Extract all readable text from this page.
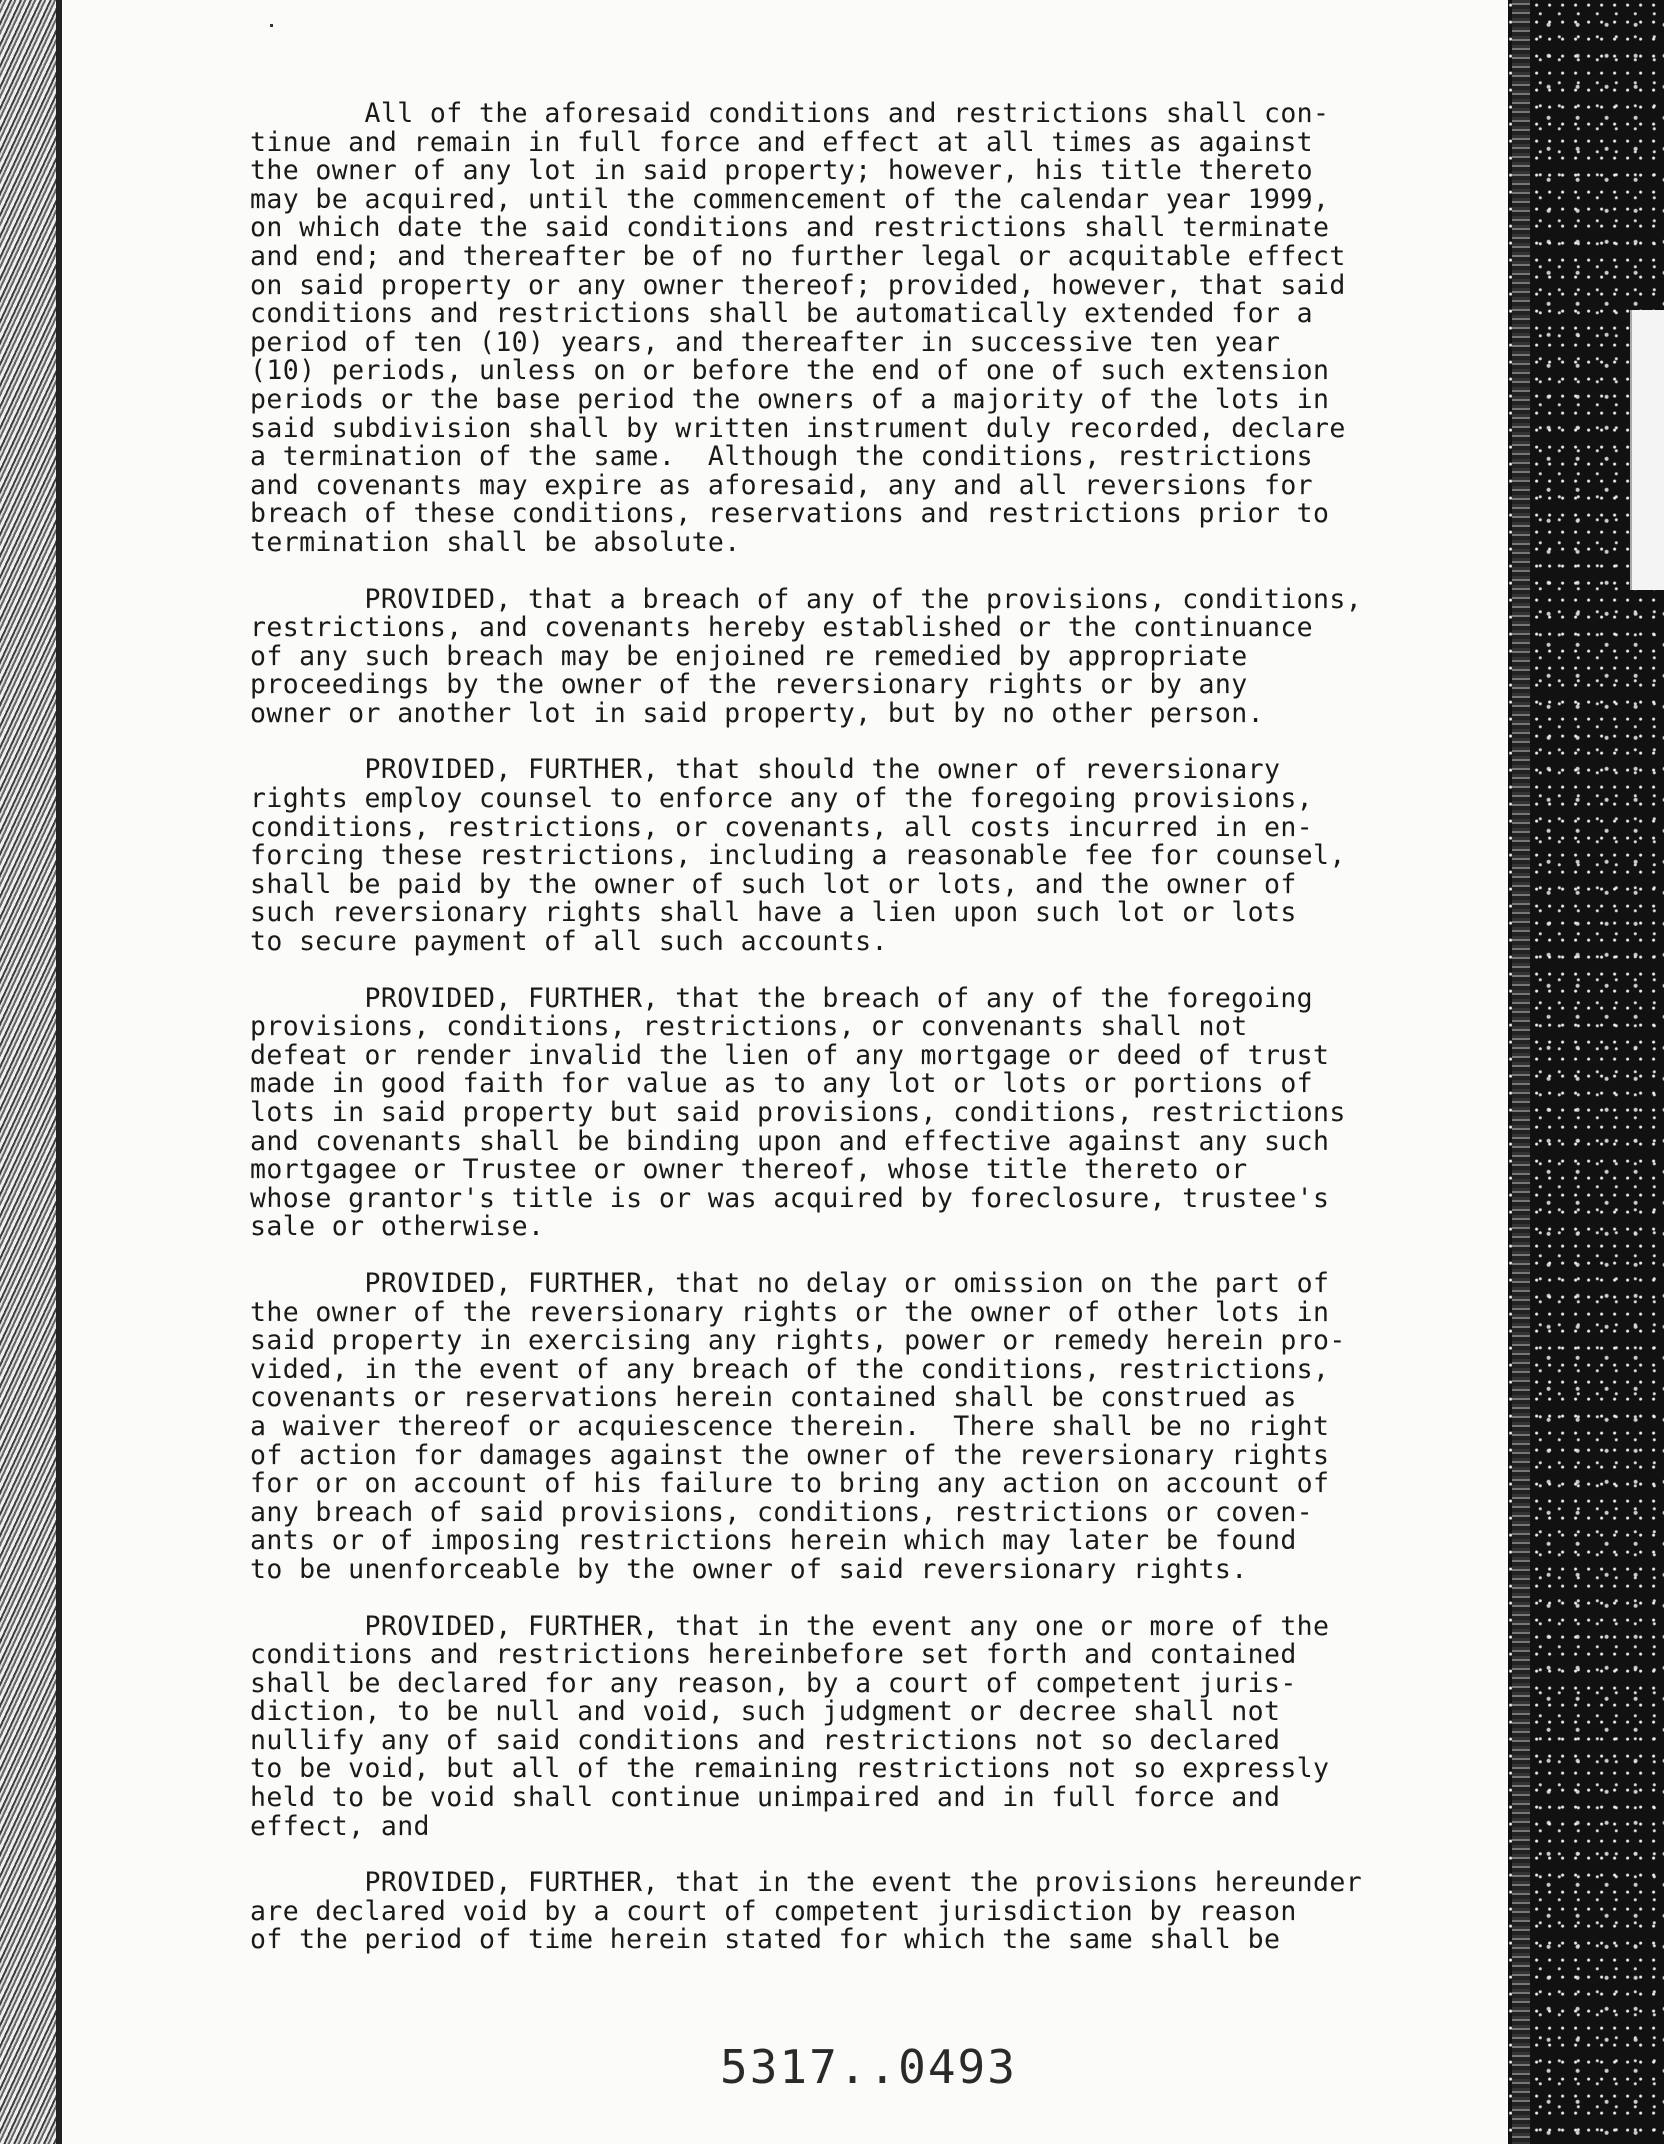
All of the aforesaid conditions and restrictions shall con-
tinue and remain in full force and effect at all times as against
the owner of any lot in said property; however, his title thereto
may be acquired, until the commencement of the calendar year 1999,
on which date the said conditions and restrictions shall terminate
and end; and thereafter be of no further legal or acquitable effect
on said property or any owner thereof; provided, however, that said
conditions and restrictions shall be automatically extended for a
period of ten (10) years, and thereafter in successive ten year
(10) periods, unless on or before the end of one of such extension
periods or the base period the owners of a majority of the lots in
said subdivision shall by written instrument duly recorded, declare
a termination of the same.  Although the conditions, restrictions
and covenants may expire as aforesaid, any and all reversions for
breach of these conditions, reservations and restrictions prior to
termination shall be absolute.
PROVIDED, that a breach of any of the provisions, conditions,
restrictions, and covenants hereby established or the continuance
of any such breach may be enjoined re remedied by appropriate
proceedings by the owner of the reversionary rights or by any
owner or another lot in said property, but by no other person.
PROVIDED, FURTHER, that should the owner of reversionary
rights employ counsel to enforce any of the foregoing provisions,
conditions, restrictions, or covenants, all costs incurred in en-
forcing these restrictions, including a reasonable fee for counsel,
shall be paid by the owner of such lot or lots, and the owner of
such reversionary rights shall have a lien upon such lot or lots
to secure payment of all such accounts.
PROVIDED, FURTHER, that the breach of any of the foregoing
provisions, conditions, restrictions, or convenants shall not
defeat or render invalid the lien of any mortgage or deed of trust
made in good faith for value as to any lot or lots or portions of
lots in said property but said provisions, conditions, restrictions
and covenants shall be binding upon and effective against any such
mortgagee or Trustee or owner thereof, whose title thereto or
whose grantor's title is or was acquired by foreclosure, trustee's
sale or otherwise.
PROVIDED, FURTHER, that no delay or omission on the part of
the owner of the reversionary rights or the owner of other lots in
said property in exercising any rights, power or remedy herein pro-
vided, in the event of any breach of the conditions, restrictions,
covenants or reservations herein contained shall be construed as
a waiver thereof or acquiescence therein.  There shall be no right
of action for damages against the owner of the reversionary rights
for or on account of his failure to bring any action on account of
any breach of said provisions, conditions, restrictions or coven-
ants or of imposing restrictions herein which may later be found
to be unenforceable by the owner of said reversionary rights.
PROVIDED, FURTHER, that in the event any one or more of the
conditions and restrictions hereinbefore set forth and contained
shall be declared for any reason, by a court of competent juris-
diction, to be null and void, such judgment or decree shall not
nullify any of said conditions and restrictions not so declared
to be void, but all of the remaining restrictions not so expressly
held to be void shall continue unimpaired and in full force and
effect, and
PROVIDED, FURTHER, that in the event the provisions hereunder
are declared void by a court of competent jurisdiction by reason
of the period of time herein stated for which the same shall be
5317..0493
